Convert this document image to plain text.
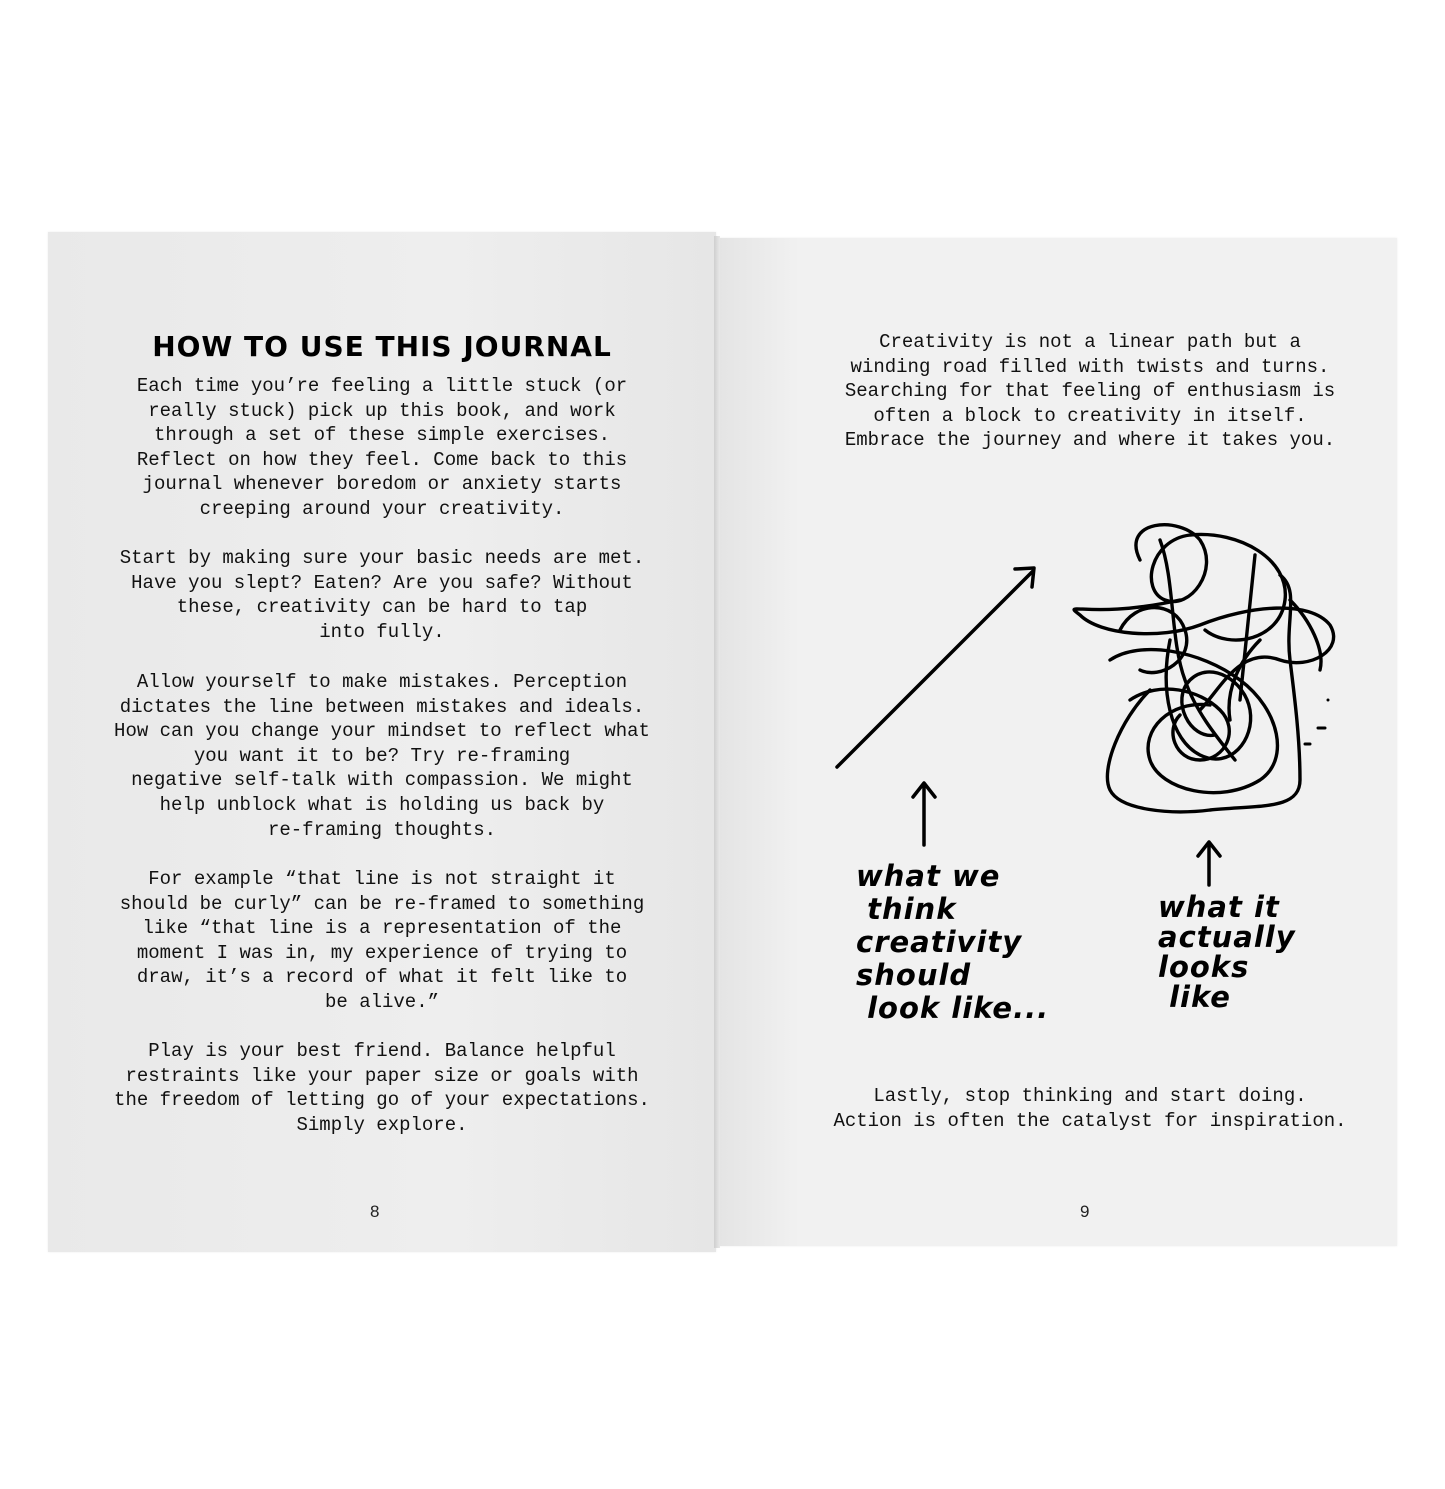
HOW TO USE THIS JOURNAL
Each time you’re feeling a little stuck (or
really stuck) pick up this book, and work
through a set of these simple exercises.
Reflect on how they feel. Come back to this
journal whenever boredom or anxiety starts
creeping around your creativity.
Start by making sure your basic needs are met.
Have you slept? Eaten? Are you safe? Without
these, creativity can be hard to tap
into fully.
Allow yourself to make mistakes. Perception
dictates the line between mistakes and ideals.
How can you change your mindset to reflect what
you want it to be? Try re-framing
negative self-talk with compassion. We might
help unblock what is holding us back by
re-framing thoughts.
For example “that line is not straight it
should be curly” can be re-framed to something
like “that line is a representation of the
moment I was in, my experience of trying to
draw, it’s a record of what it felt like to
be alive.”
Play is your best friend. Balance helpful
restraints like your paper size or goals with
the freedom of letting go of your expectations.
Simply explore.
8
Creativity is not a linear path but a
winding road filled with twists and turns.
Searching for that feeling of enthusiasm is
often a block to creativity in itself.
Embrace the journey and where it takes you.
what we
think
creativity
should
look like...
what it
actually
looks
like
Lastly, stop thinking and start doing.
Action is often the catalyst for inspiration.
9
